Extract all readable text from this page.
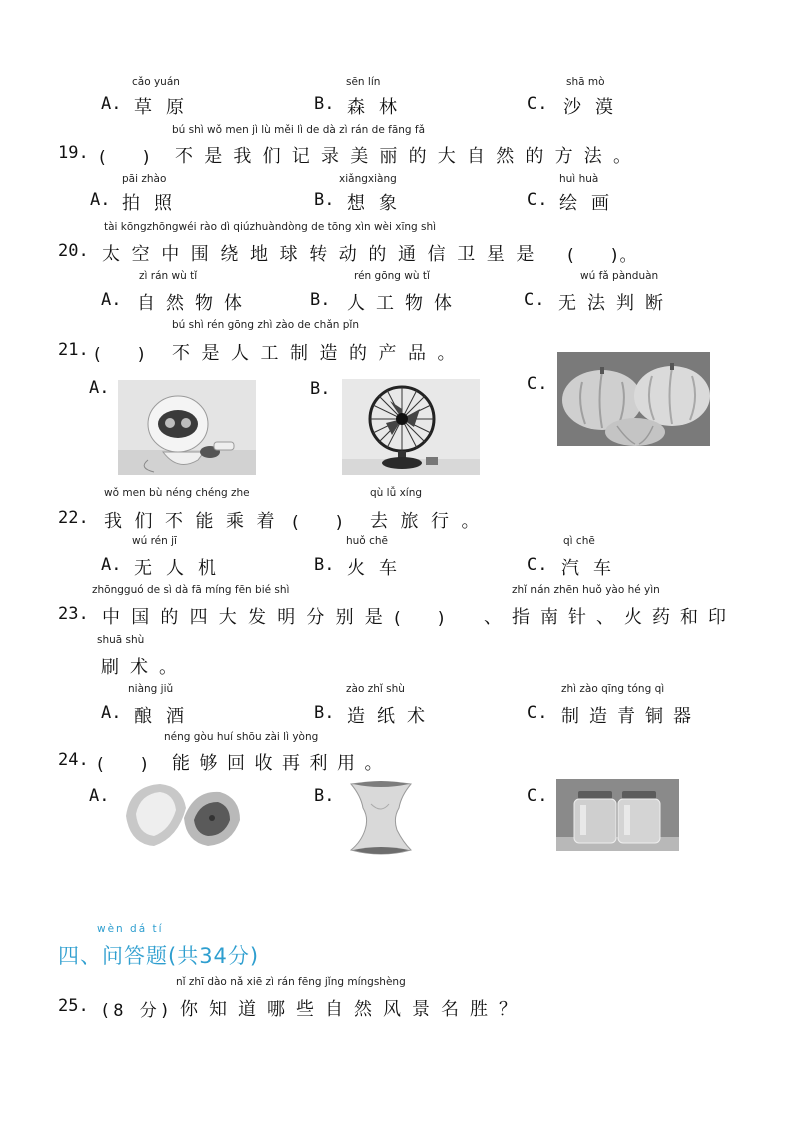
cǎo yuán
A. 草原
sēn lín
B. 森林
shā mò
C. 沙漠
bú shì wǒ men jì lù měi lì de dà zì rán de fāng fǎ
19. (　　) 不是我们记录美丽的大自然的方法。
pāi zhào
A. 拍照
xiǎngxiàng
B. 想象
huì huà
C. 绘画
tài kōngzhōngwéi rào dì qiúzhuàndòng de tōng xìn wèi xīng shì
20. 太空中围绕地球转动的通信卫星是 (　　)。
zì rán wù tǐ
A. 自然物体
rén gōng wù tǐ
B. 人工物体
wú fǎ pànduàn
C. 无法判断
bú shì rén gōng zhì zào de chǎn pǐn
21. (　　) 不是人工制造的产品。
A.	B.	C.
wǒ men bù néng chéng zhe	qù lǚ xíng
22. 我们不能乘着 (　　) 去旅行。
wú rén jī
A. 无人机
huǒ chē
B. 火车
qì chē
C. 汽车
zhōngguó de sì dà fā míng fēn bié shì	zhǐ nán zhēn huǒ yào hé yìn
23. 中国的四大发明分别是
(　　) 、指南针、火药和印
shuā shù
刷术。
niàng jiǔ
A. 酿酒
zào zhǐ shù
B. 造纸术
zhì zào qīng tóng qì
C. 制造青铜器
néng gòu huí shōu zài lì yòng
24. (　　) 能够回收再利用。
A.	B.	C.
wèn dá tí
四、问答题(共34分)
nǐ zhī dào nǎ xiē zì rán fēng jǐng míngshèng
25. (8 分) 你知道哪些自然风景名胜？
